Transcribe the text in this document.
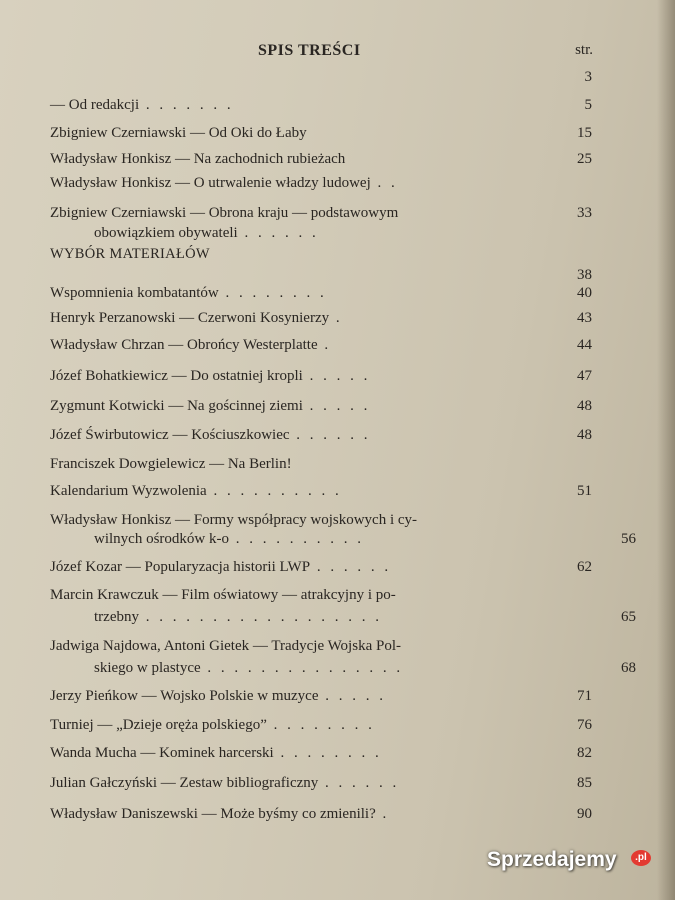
SPIS TREŚCI	str.
3
— Od redakcji . . . . . . .	5
Zbigniew Czerniawski — Od Oki do Łaby	15
Władysław Honkisz — Na zachodnich rubieżach	25
Władysław Honkisz — O utrwalenie władzy ludowej . .
Zbigniew Czerniawski — Obrona kraju — podstawowym	33
obowiązkiem obywateli . . . . . .
WYBÓR MATERIAŁÓW
38
Wspomnienia kombatantów . . . . . . . .	40
Henryk Perzanowski — Czerwoni Kosynierzy .	43
Władysław Chrzan — Obrońcy Westerplatte .	44
Józef Bohatkiewicz — Do ostatniej kropli . . . . .	47
Zygmunt Kotwicki — Na gościnnej ziemi . . . . .	48
Józef Świrbutowicz — Kościuszkowiec . . . . . .	48
Franciszek Dowgielewicz — Na Berlin!
Kalendarium Wyzwolenia . . . . . . . . . .	51
Władysław Honkisz — Formy współpracy wojskowych i cy-
wilnych ośrodków k-o . . . . . . . . . .	56
Józef Kozar — Popularyzacja historii LWP . . . . . .	62
Marcin Krawczuk — Film oświatowy — atrakcyjny i po-
trzebny . . . . . . . . . . . . . . . . . .	65
Jadwiga Najdowa, Antoni Gietek — Tradycje Wojska Pol-
skiego w plastyce . . . . . . . . . . . . . . .	68
Jerzy Pieńkow — Wojsko Polskie w muzyce . . . . .	71
Turniej — „Dzieje oręża polskiego” . . . . . . . .	76
Wanda Mucha — Kominek harcerski . . . . . . . .	82
Julian Gałczyński — Zestaw bibliograficzny . . . . . .	85
Władysław Daniszewski — Może byśmy co zmienili? .	90
Sprzedajemy	.pl
